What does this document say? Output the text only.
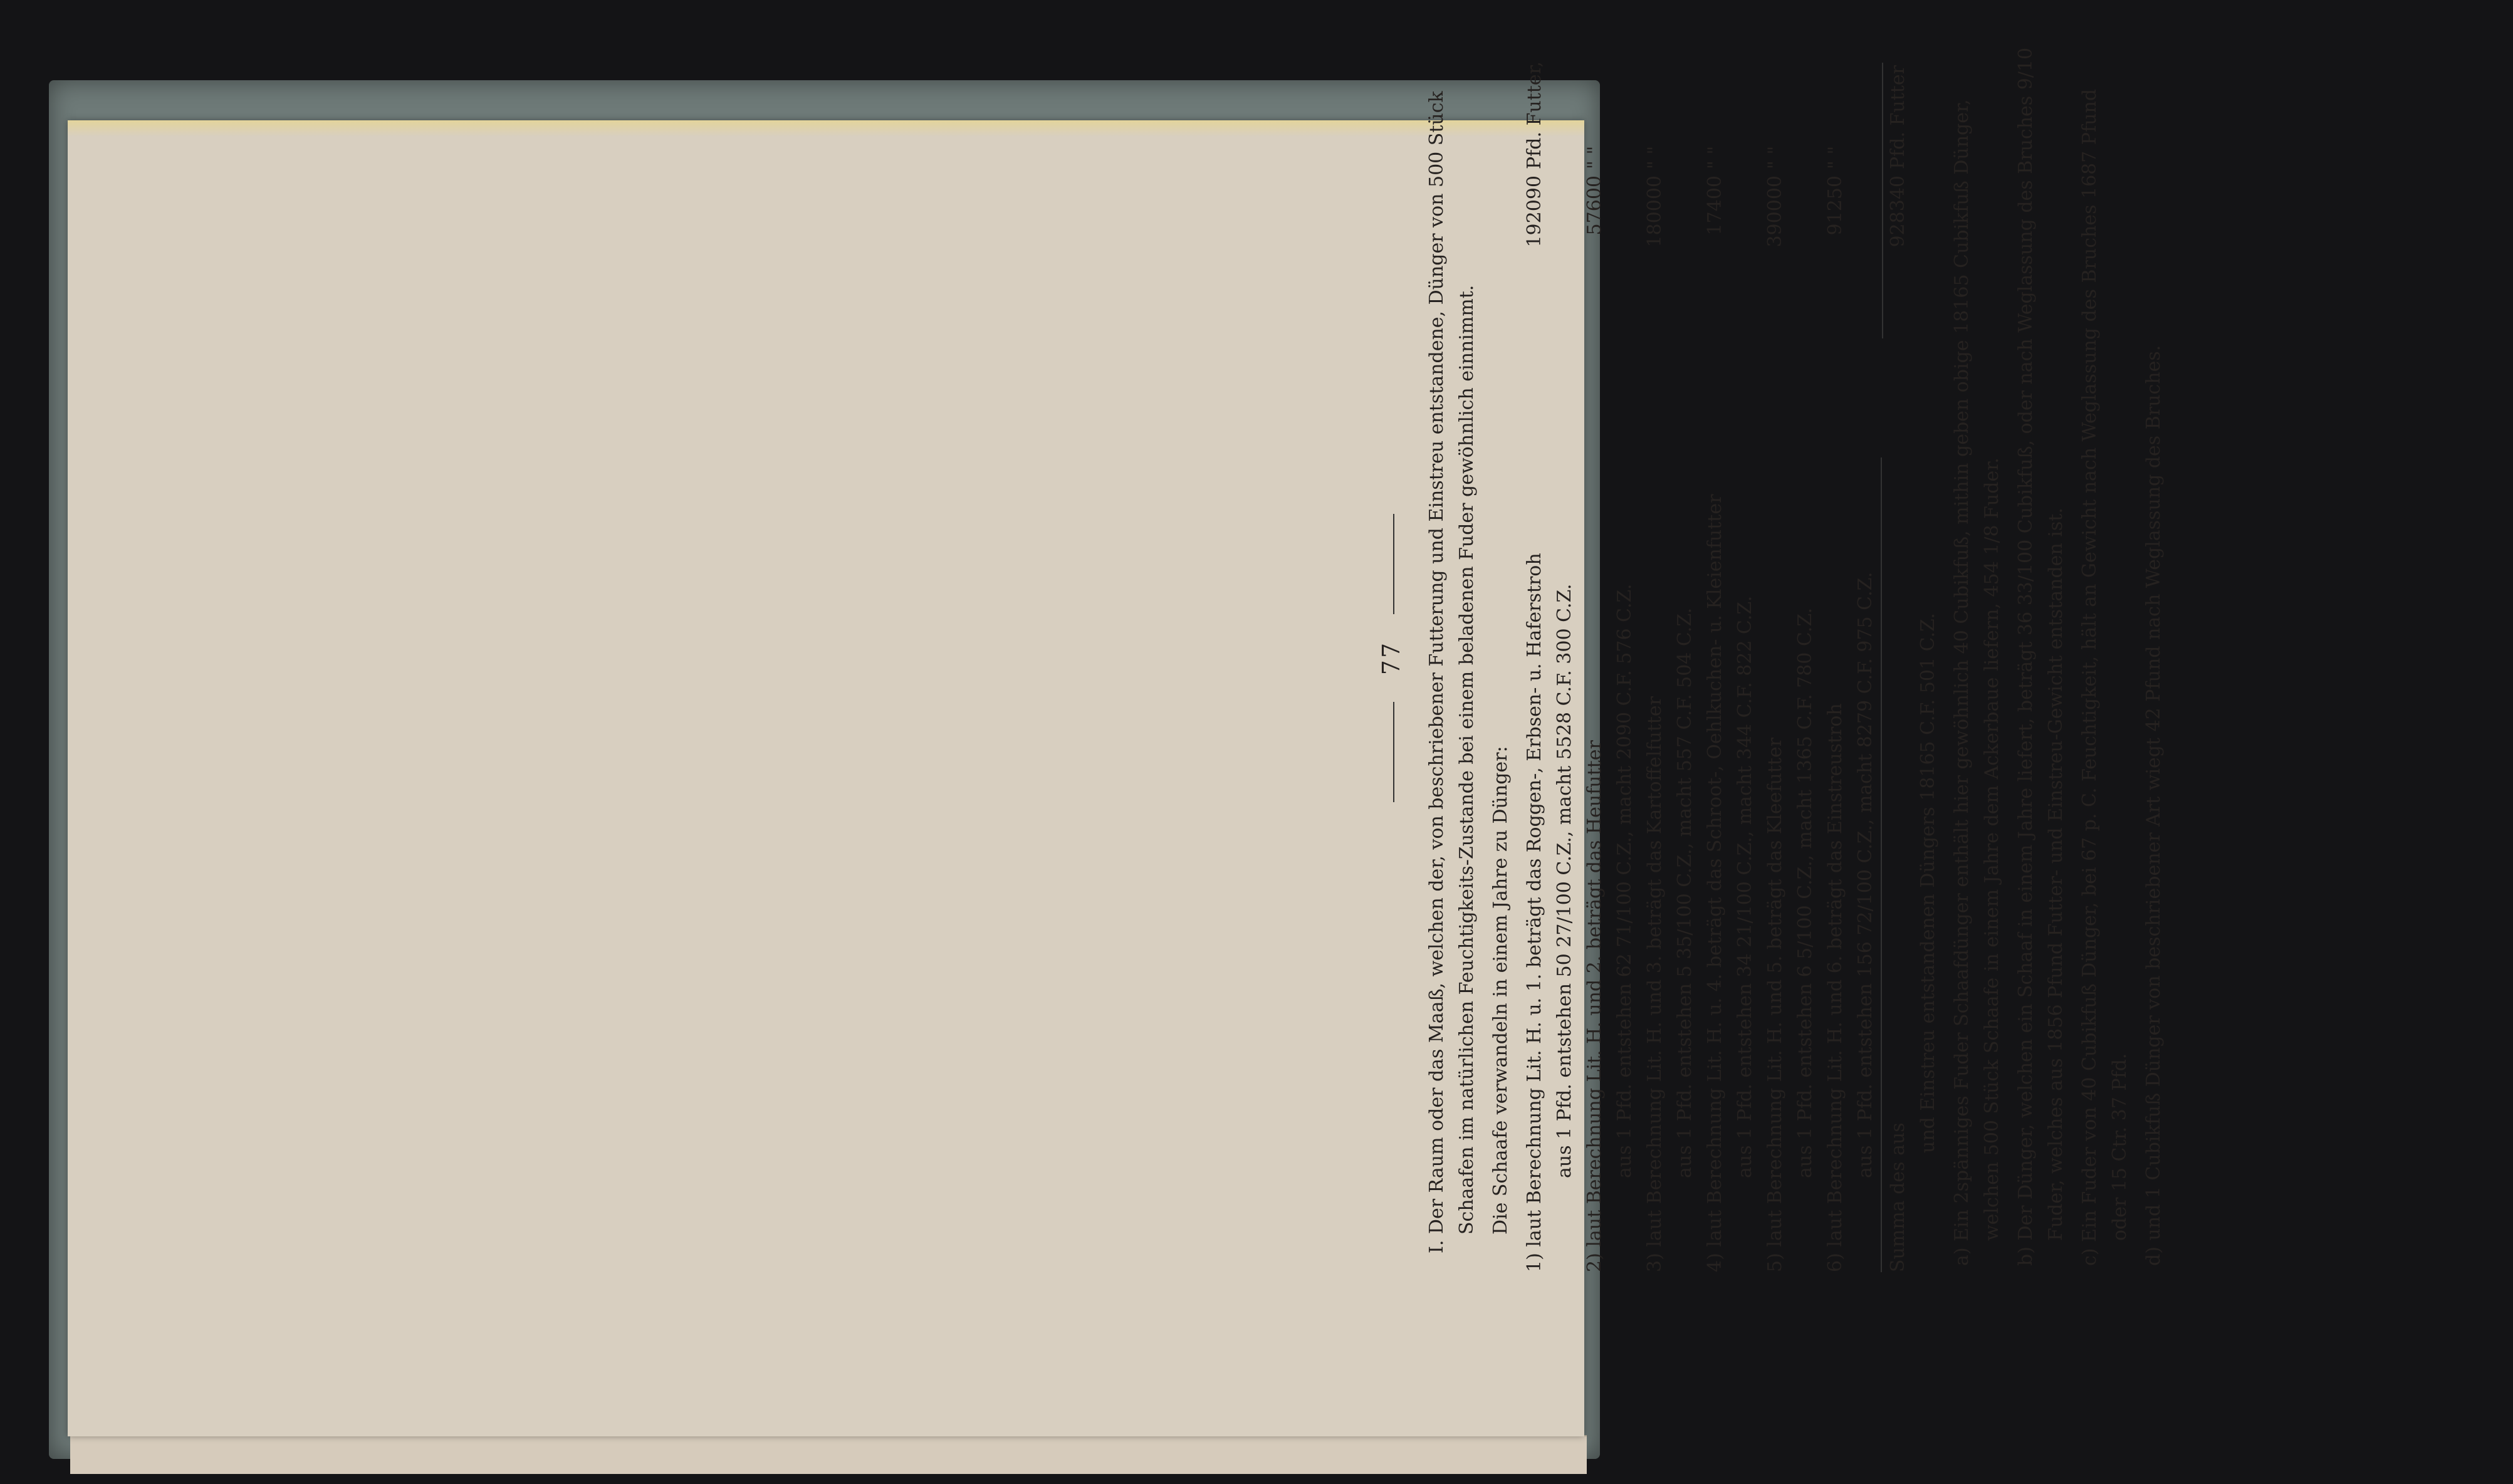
77 I. Der Raum oder das Maaß, welchen der, von beschriebener Futterung und Einstreu entstandene, Dünger von 500 Stück Schaafen im natürlichen Feuchtigkeits-Zustande bei einem beladenen Fuder gewöhnlich einnimmt. Die Schaafe verwandeln in einem Jahre zu Dünger: 1) laut Berechnung Lit. H. u. 1. beträgt das Roggen-, Erbsen- u. Haferstroh
192090
Pfd. Futter,
aus 1 Pfd. entstehen 50 27/100 C.Z., macht 5528 C.F. 300 C.Z. 2) laut Berechnung Lit. H. und 2. beträgt das Heufutter
57600
" "
aus 1 Pfd. entstehen 62 71/100 C.Z., macht 2090 C.F. 576 C.Z. 3) laut Berechnung Lit. H. und 3. beträgt das Kartoffelfutter
180000
" "
aus 1 Pfd. entstehen 5 35/100 C.Z., macht 557 C.F. 504 C.Z. 4) laut Berechnung Lit. H. u. 4. beträgt das Schroot-, Oehlkuchen- u. Kleienfutter
17400
" "
aus 1 Pfd. entstehen 34 21/100 C.Z., macht 344 C.F. 822 C.Z. 5) laut Berechnung Lit. H. und 5. beträgt das Kleefutter
390000
" "
aus 1 Pfd. entstehen 6 5/100 C.Z., macht 1365 C.F. 780 C.Z. 6) laut Berechnung Lit. H. und 6. beträgt das Einstreustroh
91250
" "
aus 1 Pfd. entstehen 156 72/100 C.Z., macht 8279 C.F. 975 C.Z.
Summa des aus
928340
Pfd. Futter
und Einstreu entstandenen Düngers 18165 C.F. 501 C.Z. a) Ein 2spänniges Fuder Schaafdünger enthält hier gewöhnlich 40 Cubikfuß, mithin geben obige 18165 Cubikfuß Dünger, welchen 500 Stück Schaafe in einem Jahre dem Ackerbaue liefern, 454 1/8 Fuder. b) Der Dünger, welchen ein Schaaf in einem Jahre liefert, beträgt 36 33/100 Cubikfuß, oder nach Weglassung des Bruches 9/10 Fuder, welches aus 1856 Pfund Futter- und Einstreu-Gewicht entstanden ist. c) Ein Fuder von 40 Cubikfuß Dünger, bei 67 p. C. Feuchtigkeit, hält an Gewicht nach Weglassung des Bruches 1687 Pfund oder 15 Ctr. 37 Pfd. d) und 1 Cubikfuß Dünger von beschriebener Art wiegt 42 Pfund nach Weglassung des Bruches.
